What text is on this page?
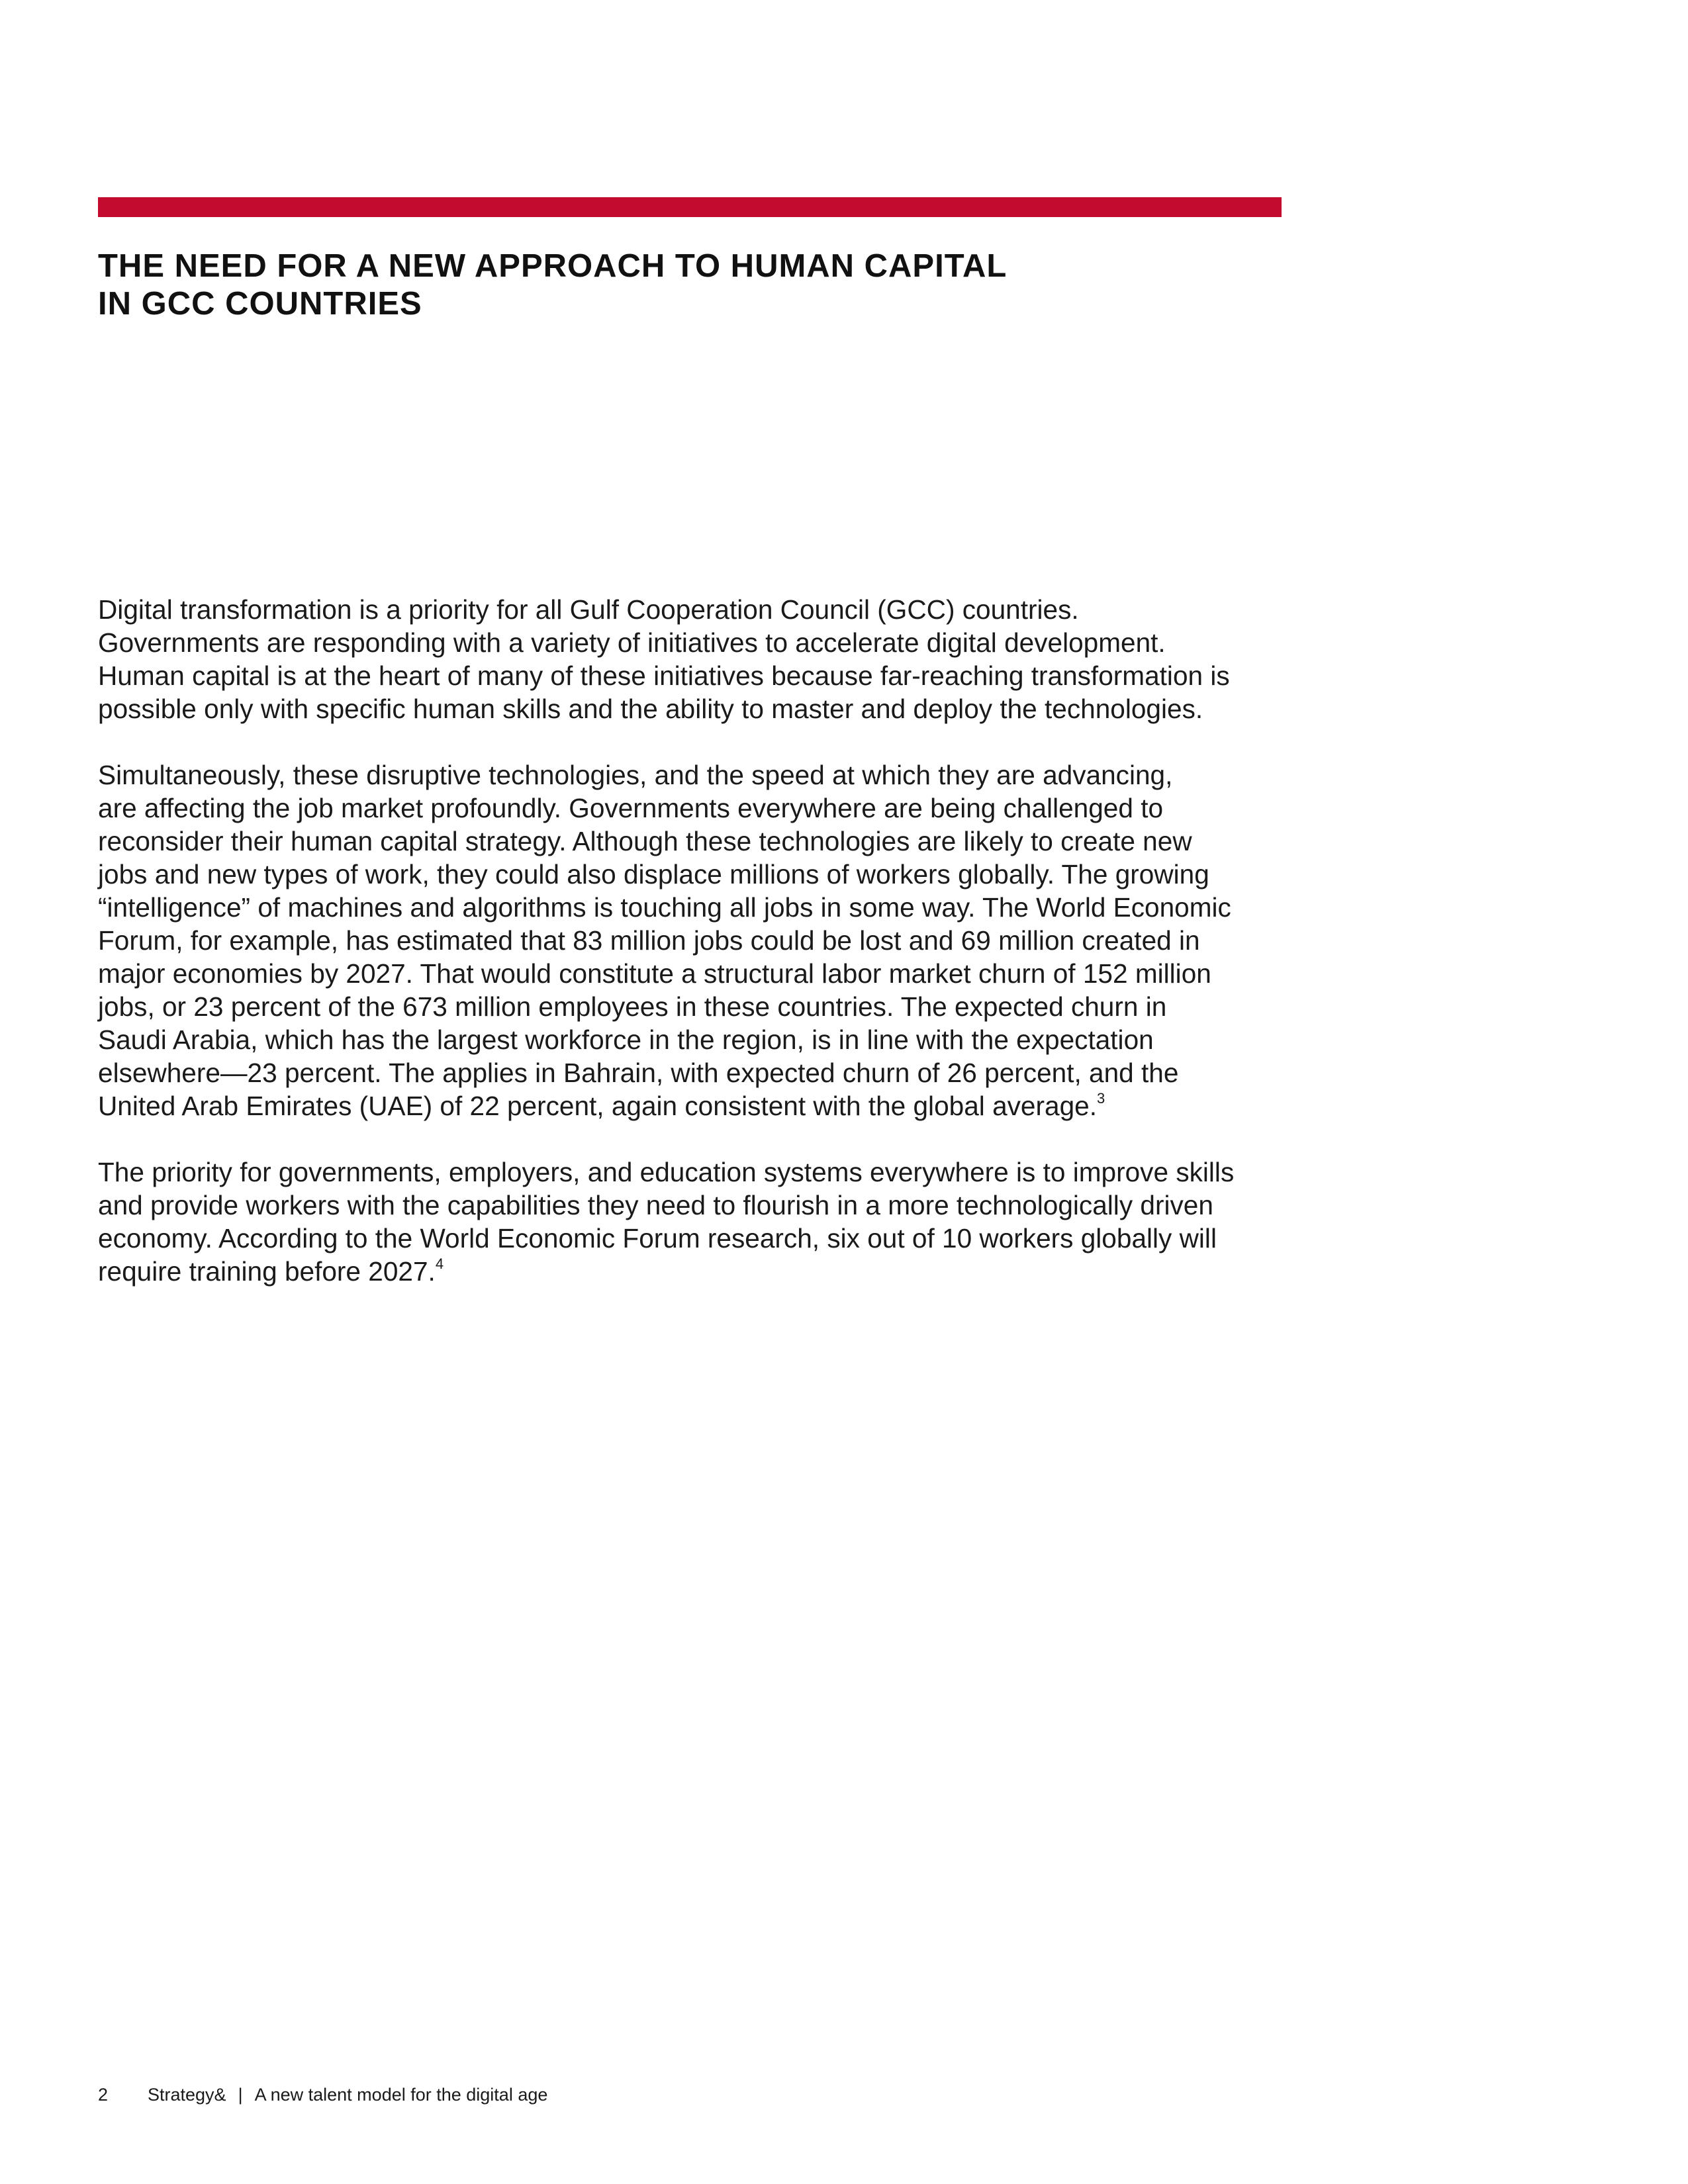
THE NEED FOR A NEW APPROACH TO HUMAN CAPITAL
IN GCC COUNTRIES

Digital transformation is a priority for all Gulf Cooperation Council (GCC) countries.
Governments are responding with a variety of initiatives to accelerate digital development.
Human capital is at the heart of many of these initiatives because far-reaching transformation is
possible only with specific human skills and the ability to master and deploy the technologies.

Simultaneously, these disruptive technologies, and the speed at which they are advancing,
are affecting the job market profoundly. Governments everywhere are being challenged to
reconsider their human capital strategy. Although these technologies are likely to create new
jobs and new types of work, they could also displace millions of workers globally. The growing
“intelligence” of machines and algorithms is touching all jobs in some way. The World Economic
Forum, for example, has estimated that 83 million jobs could be lost and 69 million created in
major economies by 2027. That would constitute a structural labor market churn of 152 million
jobs, or 23 percent of the 673 million employees in these countries. The expected churn in
Saudi Arabia, which has the largest workforce in the region, is in line with the expectation
elsewhere—23 percent. The applies in Bahrain, with expected churn of 26 percent, and the
United Arab Emirates (UAE) of 22 percent, again consistent with the global average.$^3$

The priority for governments, employers, and education systems everywhere is to improve skills
and provide workers with the capabilities they need to flourish in a more technologically driven
economy. According to the World Economic Forum research, six out of 10 workers globally will
require training before 2027.$^4$

2 Strategy& | A new talent model for the digital age
